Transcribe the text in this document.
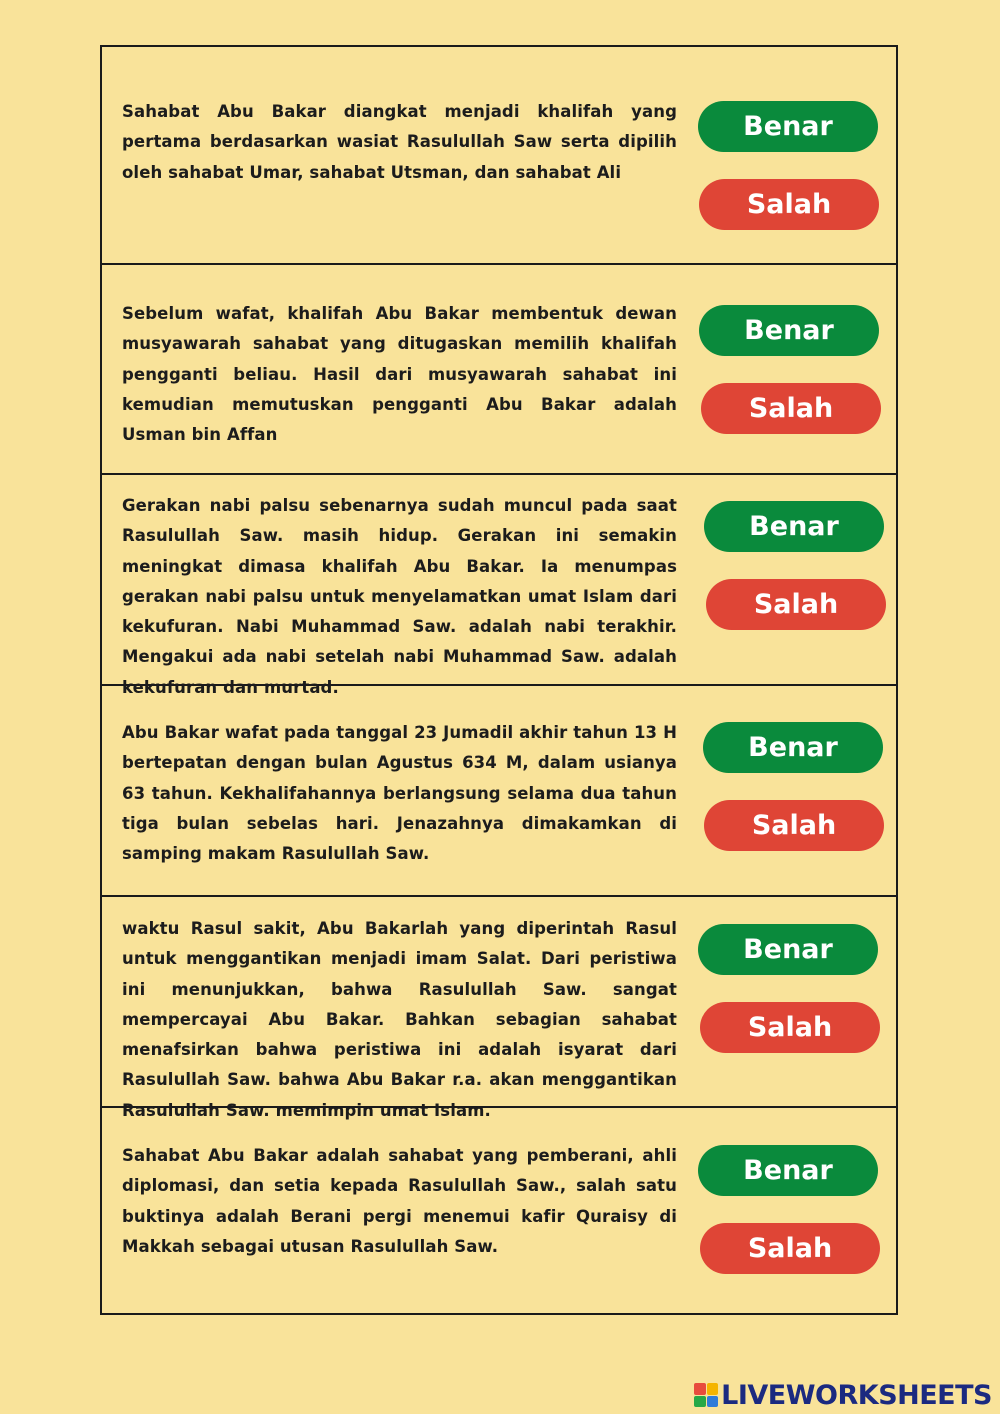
Sahabat Abu Bakar diangkat menjadi khalifah yang pertama berdasarkan wasiat Rasulullah Saw serta dipilih oleh sahabat Umar, sahabat Utsman, dan sahabat Ali

Benar
Salah

Sebelum wafat, khalifah Abu Bakar membentuk dewan musyawarah sahabat yang ditugaskan memilih khalifah pengganti beliau. Hasil dari musyawarah sahabat ini kemudian memutuskan pengganti Abu Bakar adalah Usman bin Affan

Benar
Salah

Gerakan nabi palsu sebenarnya sudah muncul pada saat Rasulullah Saw. masih hidup. Gerakan ini semakin meningkat dimasa khalifah Abu Bakar. Ia menumpas gerakan nabi palsu untuk menyelamatkan umat Islam dari kekufuran. Nabi Muhammad Saw. adalah nabi terakhir. Mengakui ada nabi setelah nabi Muhammad Saw. adalah kekufuran dan murtad.

Benar
Salah

Abu Bakar wafat pada tanggal 23 Jumadil akhir tahun 13 H bertepatan dengan bulan Agustus 634 M, dalam usianya 63 tahun. Kekhalifahannya berlangsung selama dua tahun tiga bulan sebelas hari. Jenazahnya dimakamkan di samping makam Rasulullah Saw.

Benar
Salah

waktu Rasul sakit, Abu Bakarlah yang diperintah Rasul untuk menggantikan menjadi imam Salat. Dari peristiwa ini menunjukkan, bahwa Rasulullah Saw. sangat mempercayai Abu Bakar. Bahkan sebagian sahabat menafsirkan bahwa peristiwa ini adalah isyarat dari Rasulullah Saw. bahwa Abu Bakar r.a. akan menggantikan Rasulullah Saw. memimpin umat Islam.

Benar
Salah

Sahabat Abu Bakar adalah sahabat yang pemberani, ahli diplomasi, dan setia kepada Rasulullah Saw., salah satu buktinya adalah Berani pergi menemui kafir Quraisy di Makkah sebagai utusan Rasulullah Saw.

Benar
Salah
LIVEWORKSHEETS
